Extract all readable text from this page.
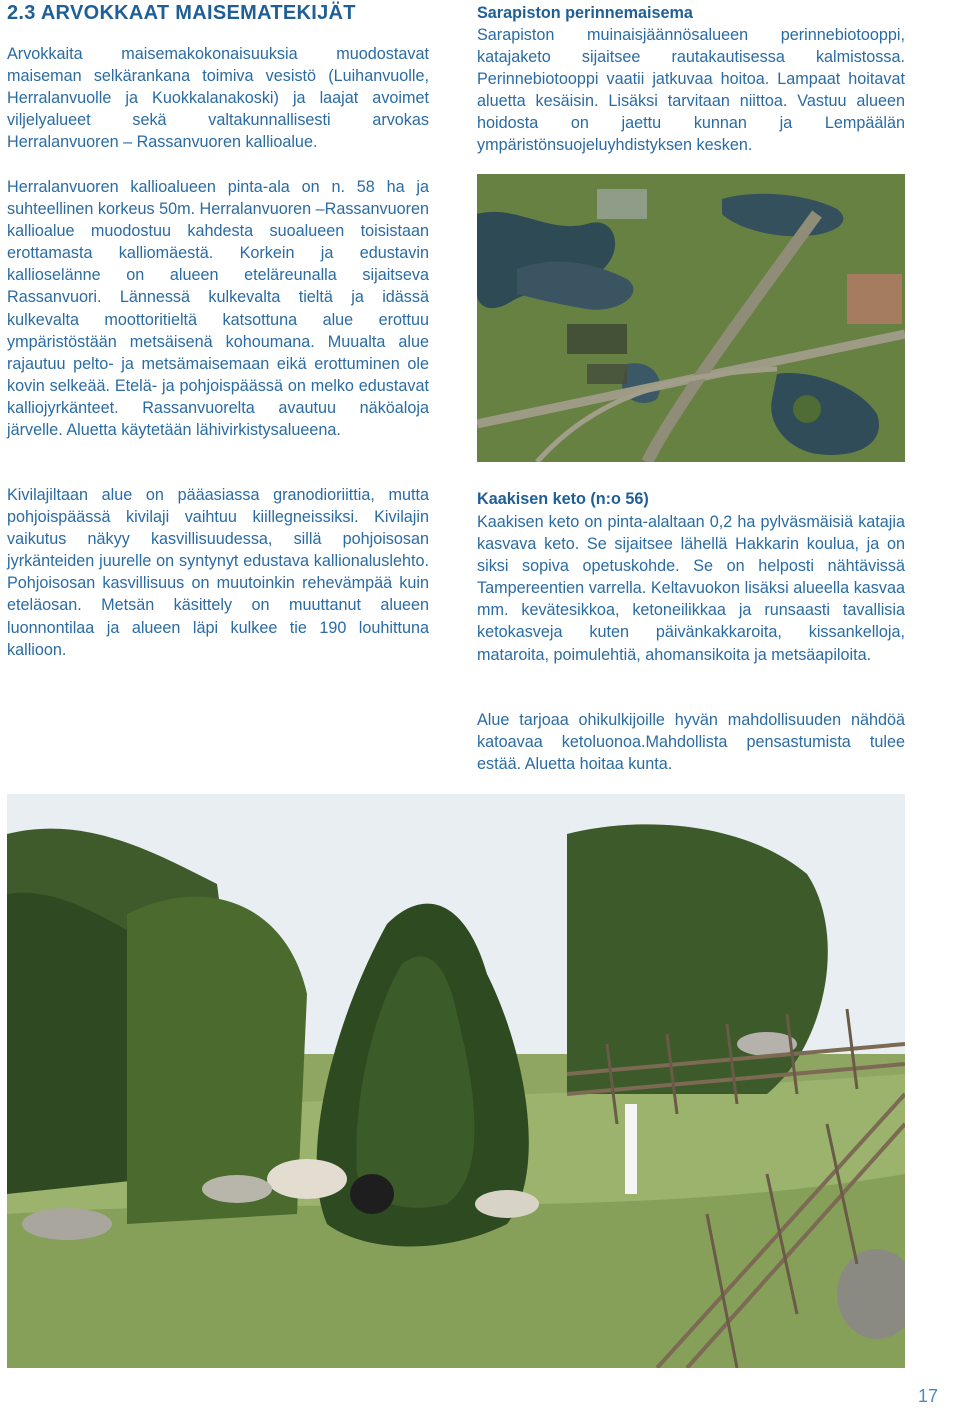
2.3 ARVOKKAAT MAISEMATEKIJÄT

Arvokkaita maisemakokonaisuuksia muodostavat maiseman selkärankana toimiva vesistö (Luihanvuolle, Herralanvuolle ja Kuokkalanakoski) ja laajat avoimet viljelyalueet sekä valtakunnallisesti arvokas Herralanvuoren – Rassanvuoren kallioalue.

Herralanvuoren kallioalueen pinta-ala on n. 58 ha ja suhteellinen korkeus 50m. Herralanvuoren –Rassanvuoren kallioalue muodostuu kahdesta suoalueen toisistaan erottamasta kalliomäestä. Korkein ja edustavin kallioselänne on alueen eteläreunalla sijaitseva Rassanvuori. Lännessä kulkevalta tieltä ja idässä kulkevalta moottoritieltä katsottuna alue erottuu ympäristöstään metsäisenä kohoumana. Muualta alue rajautuu pelto- ja metsämaisemaan eikä erottuminen ole kovin selkeää. Etelä- ja pohjoispäässä on melko edustavat kalliojyrkänteet. Rassanvuorelta avautuu näköaloja järvelle. Aluetta käytetään lähivirkistysalueena.

Kivilajiltaan alue on pääasiassa granodioriittia, mutta pohjoispäässä kivilaji vaihtuu kiillegneissiksi. Kivilajin vaikutus näkyy kasvillisuudessa, sillä pohjoisosan jyrkänteiden juurelle on syntynyt edustava kallionaluslehto. Pohjoisosan kasvillisuus on muutoinkin rehevämpää kuin eteläosan. Metsän käsittely on muuttanut alueen luonnontilaa ja alueen läpi kulkee tie 190 louhittuna kallioon.

Sarapiston perinnemaisema

Sarapiston muinaisjäännösalueen perinnebiotooppi, katajaketo sijaitsee rautakautisessa kalmistossa. Perinnebiotooppi vaatii jatkuvaa hoitoa. Lampaat hoitavat aluetta kesäisin. Lisäksi tarvitaan niittoa. Vastuu alueen hoidosta on jaettu kunnan ja Lempäälän ympäristönsuojeluyhdistyksen kesken.

Kaakisen keto (n:o 56)

Kaakisen keto on pinta-alaltaan 0,2 ha pylväsmäisiä katajia kasvava keto. Se sijaitsee lähellä Hakkarin koulua, ja on siksi sopiva opetuskohde. Se on helposti nähtävissä Tampereentien varrella. Keltavuokon lisäksi alueella kasvaa mm. kevätesikkoa, ketoneilikkaa ja runsaasti tavallisia ketokasveja kuten päivänkakkaroita, kissankelloja, mataroita, poimulehtiä, ahomansikoita ja metsäapiloita.

Alue tarjoaa ohikulkijoille hyvän mahdollisuuden nähdöä katoavaa ketoluonoa.Mahdollista pensastumista tulee estää. Aluetta hoitaa kunta.

17
